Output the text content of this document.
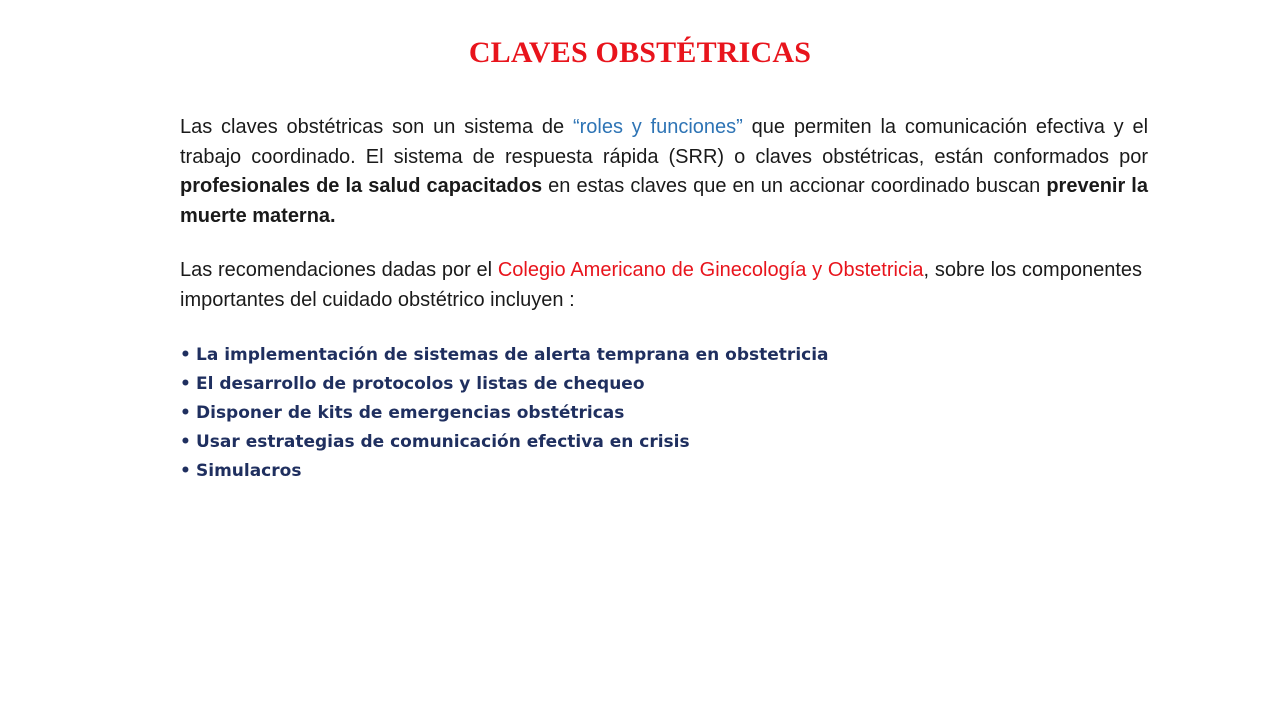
CLAVES OBSTÉTRICAS

Las claves obstétricas son un sistema de “roles y funciones” que permiten la comunicación efectiva y el trabajo coordinado. El sistema de respuesta rápida (SRR) o claves obstétricas, están conformados por profesionales de la salud capacitados en estas claves que en un accionar coordinado buscan prevenir la muerte materna.

Las recomendaciones dadas por el Colegio Americano de Ginecología y Obstetricia, sobre los componentes importantes del cuidado obstétrico incluyen :

• La implementación de sistemas de alerta temprana en obstetricia
• El desarrollo de protocolos y listas de chequeo
• Disponer de kits de emergencias obstétricas
• Usar estrategias de comunicación efectiva en crisis
• Simulacros
